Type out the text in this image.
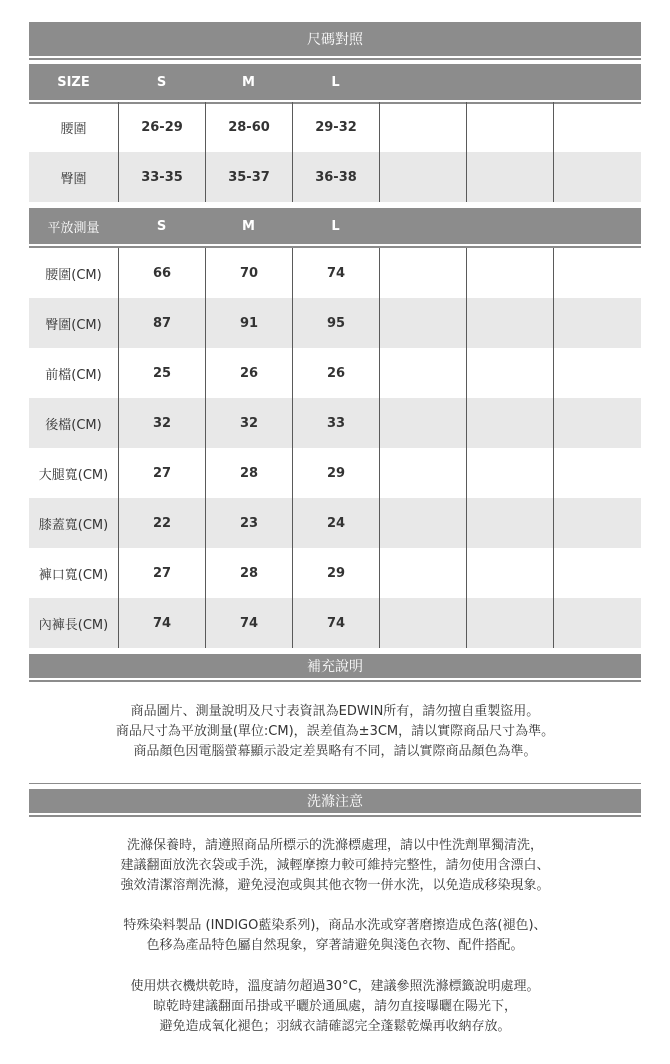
尺碼對照
SIZE	S	M	L
腰圍	26-29	28-60	29-32
臀圍	33-35	35-37	36-38
平放測量	S	M	L
腰圍(CM)	66	70	74
臀圍(CM)	87	91	95
前檔(CM)	25	26	26
後檔(CM)	32	32	33
大腿寬(CM)	27	28	29
膝蓋寬(CM)	22	23	24
褲口寬(CM)	27	28	29
內褲長(CM)	74	74	74
補充說明

商品圖片、測量說明及尺寸表資訊為EDWIN所有，請勿擅自重製盜用。

商品尺寸為平放測量(單位:CM)，誤差值為±3CM，請以實際商品尺寸為準。

商品顏色因電腦螢幕顯示設定差異略有不同，請以實際商品顏色為準。

洗滌注意

洗滌保養時，請遵照商品所標示的洗滌標處理，請以中性洗劑單獨清洗，

建議翻面放洗衣袋或手洗，減輕摩擦力較可維持完整性，請勿使用含漂白、

強效清潔溶劑洗滌，避免浸泡或與其他衣物一併水洗，以免造成移染現象。

特殊染料製品 (INDIGO藍染系列)，商品水洗或穿著磨擦造成色落(褪色)、

色移為產品特色屬自然現象，穿著請避免與淺色衣物、配件搭配。

使用烘衣機烘乾時，溫度請勿超過30°C，建議參照洗滌標籤說明處理。

晾乾時建議翻面吊掛或平曬於通風處，請勿直接曝曬在陽光下，

避免造成氧化褪色；羽絨衣請確認完全蓬鬆乾燥再收納存放。
